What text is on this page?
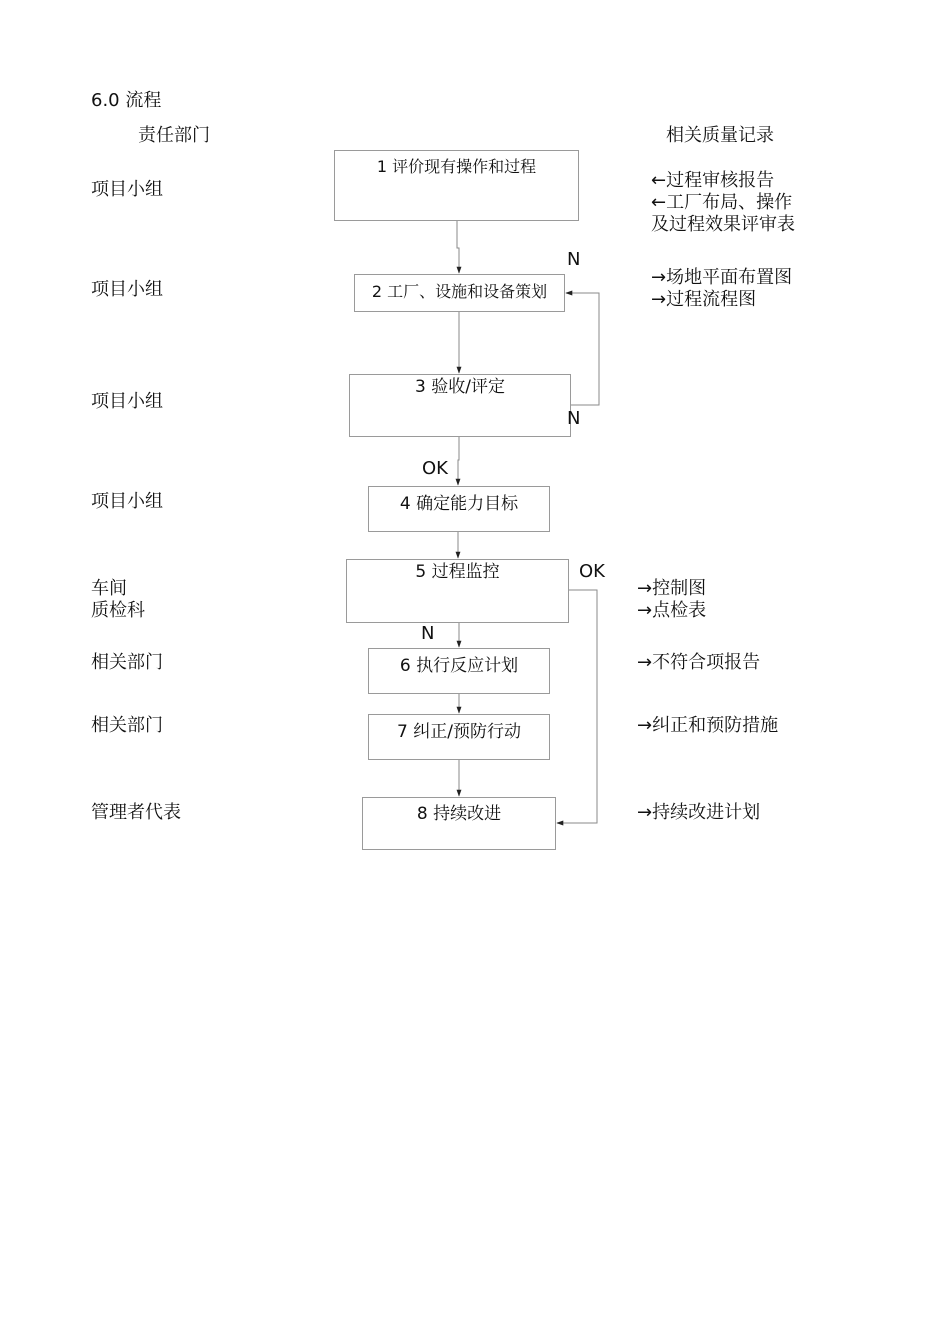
6.0 流程
责任部门	相关质量记录
项目小组
项目小组
项目小组
项目小组
车间
质检科
相关部门
相关部门
管理者代表
1 评价现有操作和过程
2 工厂、设施和设备策划
3 验收/评定
4 确定能力目标
5 过程监控
6 执行反应计划
7 纠正/预防行动
8 持续改进
N
N
OK
OK
N
←过程审核报告
←工厂布局、操作
及过程效果评审表
→场地平面布置图
→过程流程图
→控制图
→点检表
→不符合项报告
→纠正和预防措施
→持续改进计划
